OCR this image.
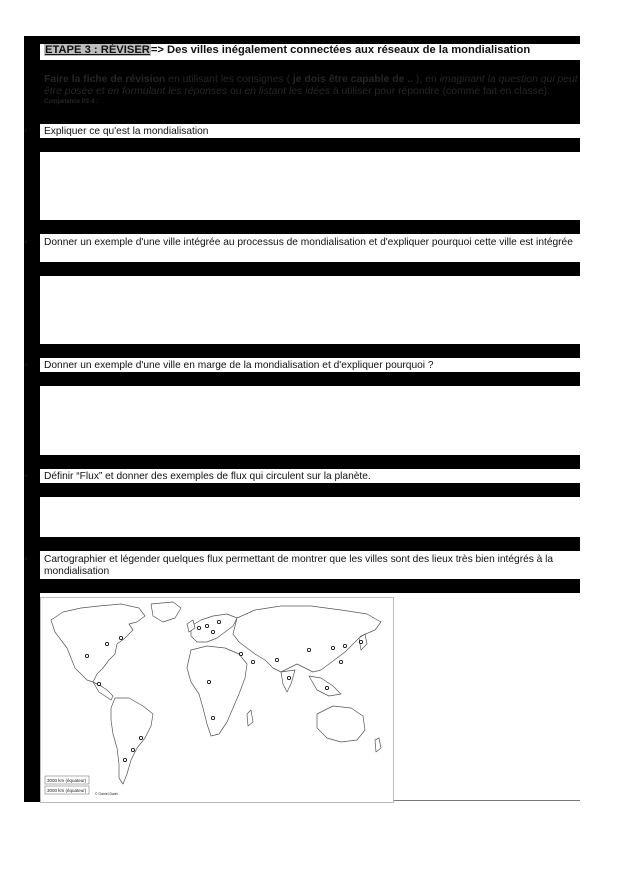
ETAPE 3 : RÉVISER=> Des villes inégalement connectées aux réseaux de la mondialisation
Faire la fiche de révision en utilisant les consignes ( je dois être capable de .. ), en imaginant la question qui peut être posée et en formulant les réponses ou en listant les idées à utiliser pour répondre (comme fait en classe).
Compétence P2-4 :
• Expliquer ce qu'est la mondialisation
• Donner un exemple d'une ville intégrée au processus de mondialisation et d'expliquer pourquoi cette ville est intégrée
• Donner un exemple d'une ville en marge de la mondialisation et d'expliquer pourquoi ?
• Définir “Flux” et donner des exemples de flux qui circulent sur la planète.
• Cartographier et légender quelques flux permettant de montrer que les villes sont des lieux très bien intégrés à la mondialisation
3000 km (équateur)
3000 km (équateur)
© Daniel Dalet
